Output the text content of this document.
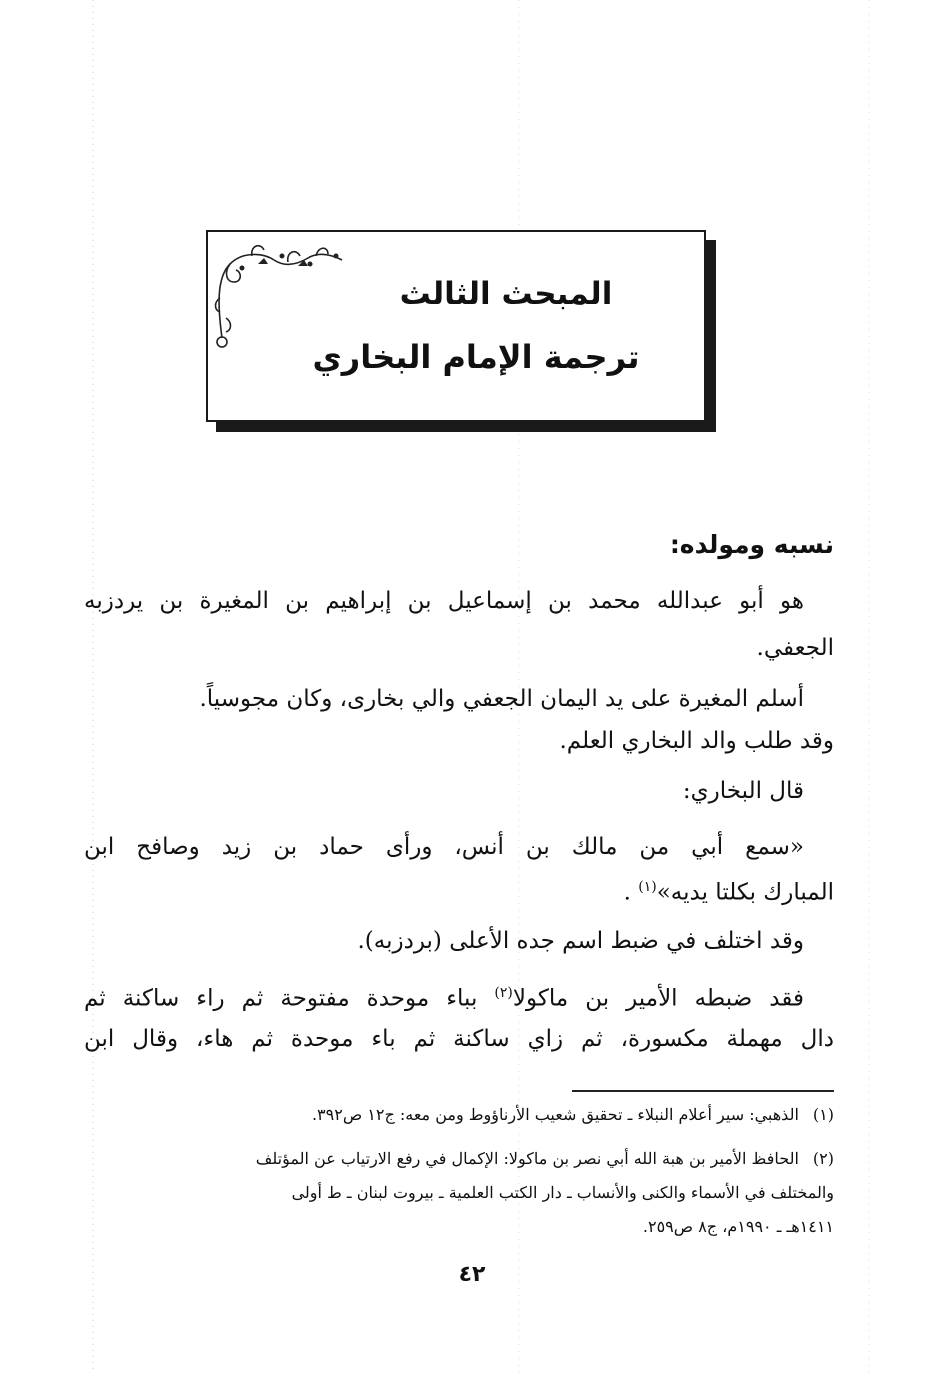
المبحث الثالث
ترجمة الإمام البخاري
نسبه ومولده:
هو أبو عبدالله محمد بن إسماعيل بن إبراهيم بن المغيرة بن يردزبه
الجعفي.
أسلم المغيرة على يد اليمان الجعفي والي بخارى، وكان مجوسياً.
وقد طلب والد البخاري العلم.
قال البخاري:
«سمع أبي من مالك بن أنس، ورأى حماد بن زيد وصافح ابن
المبارك بكلتا يديه»$^{(١)}$ .
وقد اختلف في ضبط اسم جده الأعلى (بردزبه).
فقد ضبطه الأمير بن ماكولا$^{(٢)}$ بباء موحدة مفتوحة ثم راء ساكنة ثم
دال مهملة مكسورة، ثم زاي ساكنة ثم باء موحدة ثم هاء، وقال ابن
(١)الذهبي: سير أعلام النبلاء ـ تحقيق شعيب الأرناؤوط ومن معه: ج١٢ ص٣٩٢.
(٢)الحافظ الأمير بن هبة الله أبي نصر بن ماكولا: الإكمال في رفع الارتياب عن المؤتلف
والمختلف في الأسماء والكنى والأنساب ـ دار الكتب العلمية ـ بيروت لبنان ـ ط أولى
١٤١١هـ ـ ١٩٩٠م، ج٨ ص٢٥٩.
٤٢
